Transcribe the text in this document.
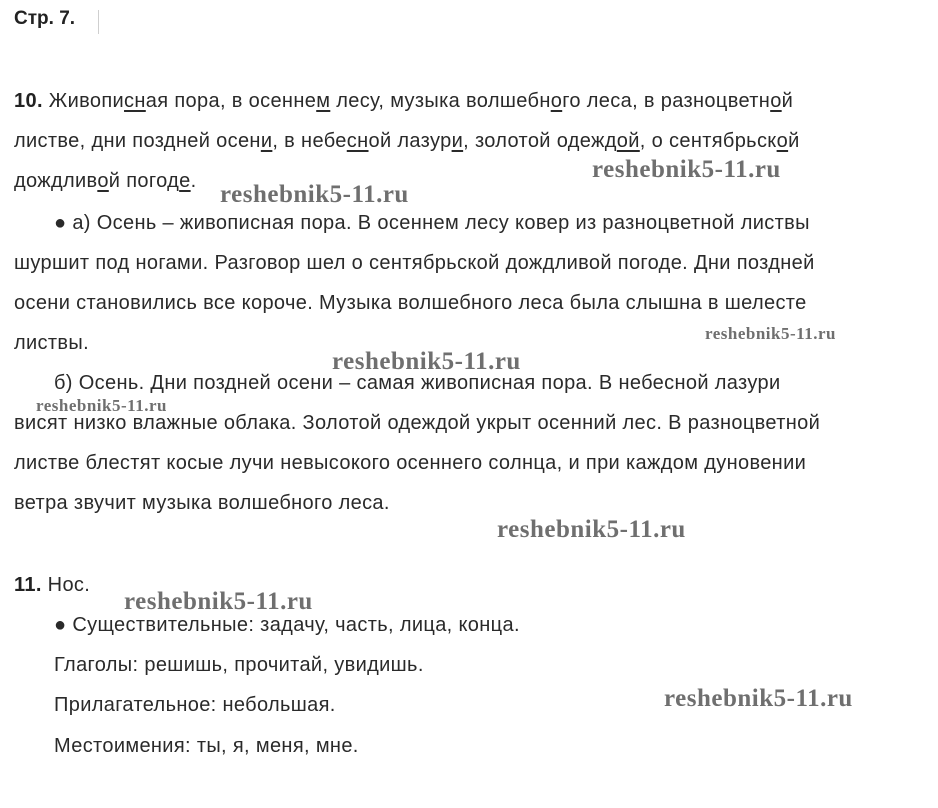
Стр. 7.
10. Живописная пора, в осеннем лесу, музыка волшебного леса, в разноцветной
листве, дни поздней осени, в небесной лазури, золотой одеждой, о сентябрьской
дождливой погоде.
● а) Осень – живописная пора. В осеннем лесу ковер из разноцветной листвы
шуршит под ногами. Разговор шел о сентябрьской дождливой погоде. Дни поздней
осени становились все короче. Музыка волшебного леса была слышна в шелесте
листвы.
б) Осень. Дни поздней осени – самая живописная пора. В небесной лазури
висят низко влажные облака. Золотой одеждой укрыт осенний лес. В разноцветной
листве блестят косые лучи невысокого осеннего солнца, и при каждом дуновении
ветра звучит музыка волшебного леса.
11. Нос.
● Существительные: задачу, часть, лица, конца.
Глаголы: решишь, прочитай, увидишь.
Прилагательное: небольшая.
Местоимения: ты, я, меня, мне.
reshebnik5-11.ru
reshebnik5-11.ru
reshebnik5-11.ru
reshebnik5-11.ru
reshebnik5-11.ru
reshebnik5-11.ru
reshebnik5-11.ru
reshebnik5-11.ru
